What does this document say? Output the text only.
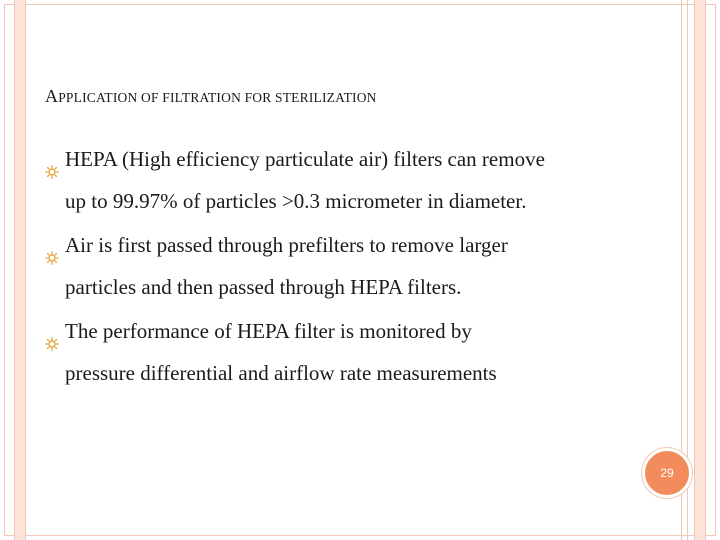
APPLICATION OF FILTRATION FOR STERILIZATION
HEPA (High efficiency particulate air) filters can remove
up to 99.97% of particles >0.3 micrometer in diameter.
Air is first passed through prefilters to remove larger
particles and then passed through HEPA filters.
The performance of HEPA filter is monitored by
pressure differential and airflow rate measurements
29
